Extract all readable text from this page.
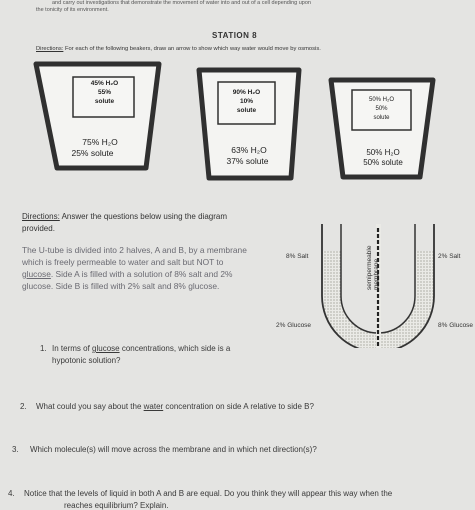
and carry out investigations that demonstrate the movement of water into and out of a cell depending upon
the tonicity of its environment.
STATION 8
Directions: For each of the following beakers, draw an arrow to show which way water would move by osmosis.
45% H₂O
55%
solute
75% H₂O
25% solute
90% H₂O
10%
solute
63% H₂O
37% solute
50% H₂O
50%
solute
50% H₂O
50% solute
Directions: Answer the questions below using the diagram
provided.
The U-tube is divided into 2 halves, A and B, by a membrane
which is freely permeable to water and salt but NOT to
glucose. Side A is filled with a solution of 8% salt and 2%
glucose. Side B is filled with 2% salt and 8% glucose.	semipermeable membrane
8% Salt
2% Glucose
2% Salt
8% Glucose
1. In terms of glucose concentrations, which side is a
hypotonic solution?
2. What could you say about the water concentration on side A relative to side B?
3. Which molecule(s) will move across the membrane and in which net direction(s)?
4. Notice that the levels of liquid in both A and B are equal. Do you think they will appear this way when the
reaches equilibrium? Explain.
